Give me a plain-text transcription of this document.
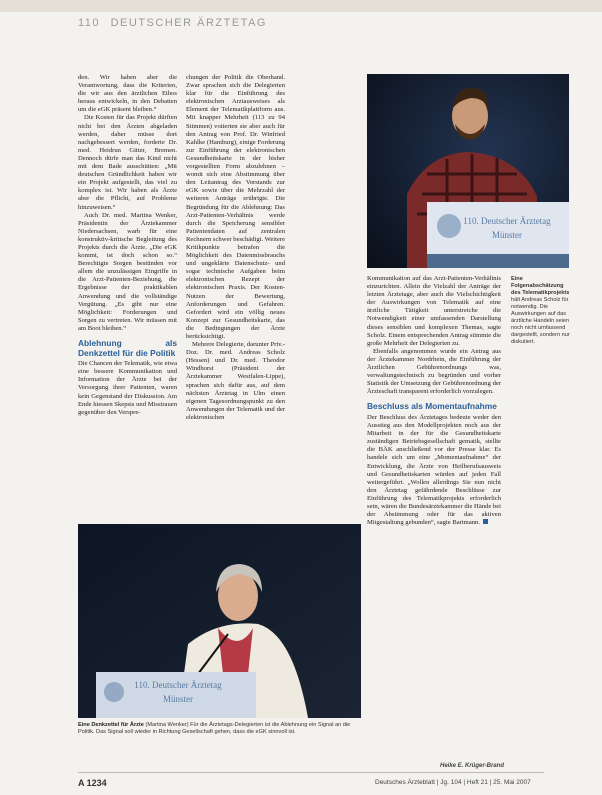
110 DEUTSCHER ÄRZTETAG

den. Wir haben aber die Verantwortung, dass die Kriterien, die wir aus den ärztlichen Ethos heraus entwickeln, in den Debatten um die eGK präsent bleiben.“

Die Kosten für das Projekt dürften nicht bei den Ärzten abgeladen werden, daher müsse dort nachgebessert werden, forderte Dr. med. Heidrun Gitter, Bremen. Dennoch dürfe man das Kind nicht mit dem Bade ausschütten: „Mit deutschen Gründlichkeit haben wir ein Projekt aufgestellt, das viel zu komplex ist. Wir haben als Ärzte aber die Pflicht, auf Probleme hinzuweisen.“

Auch Dr. med. Martina Wenker, Präsidentin der Ärztekammer Niedersachsen, warb für eine konstruktiv-kritische Begleitung des Projekts durch die Ärzte. „Die eGK kommt, ist doch schon so.“ Berechtigte Sorgen bestünden vor allem die unzulässigen Eingriffe in die Arzt-Patienten-Beziehung, die Ergebnisse der praktikablen Anwendung und die vollständige Vergütung. „Es gibt nur eine Möglichkeit: Forderungen und Sorgen zu vertreten. Wir müssen mit am Boot bleiben.“

Ablehnung als Denkzettel für die Politik

Die Chancen der Telematik, wie etwa eine bessere Kommunikation und Information der Ärzte bei der Versorgung ihrer Patienten, waren kein Gegenstand der Diskussion. Am Ende hiessen Skepsis und Misstrauen gegenüber den Verspre-

chungen der Politik die Oberhand. Zwar sprachen sich die Delegierten klar für die Einführung des elektronischen Arztausweises als Element der Telematikplattform aus. Mit knapper Mehrheit (113 zu 94 Stimmen) votierten sie aber auch für den Antrag von Prof. Dr. Winfried Kahlke (Hamburg), einige Forderung zur Einführung der elektronischen Gesundheitskarte in der bisher vorgestellten Form abzulehnen – womit sich eine Abstimmung über den Leitantrag des Vorstands zur eGK sowie über die Mehrzahl der weiteren Anträge erübrigte. Die Begründung für die Ablehnung: Das Arzt-Patienten-Verhältnis werde durch die Speicherung sensibler Patientendaten auf zentralen Rechnern schwer beschädigt. Weitere Kritikpunkte betrafen die Möglichkeit des Datenmissbrauchs und ungeklärte Datenschutz- und sogar technische Aufgaben beim elektronischen Rezept der elektronischen Praxis. Der Kosten-Nutzen der Bewertung, Anforderungen und Gefahren. Gefordert wird ein völlig neues Konzept zur Gesundheitskarte, das die Bedingungen der Ärzte berücksichtigt.

Mehrere Delegierte, darunter Priv.-Doz. Dr. med. Andreas Scholz (Hessen) und Dr. med. Theodor Windhorst (Präsident der Ärztekammer Westfalen-Lippe), sprachen sich dafür aus, auf dem nächsten Ärztetag in Ulm einen eigenen Tagesordnungspunkt zu den Anwendungen der Telematik und der elektronischen

110. Deutscher Ärztetag
Münster
Eine Folgenabschätzung des Telematikprojekts
hält Andreas Scholz für notwendig. Die Auswirkungen auf das ärztliche Handeln seien noch nicht umfassend dargestellt, sondern nur diskutiert.

Kommunikation auf das Arzt-Patienten-Verhältnis einzurichten. Allein die Vielzahl der Anträge der letzten Ärztetage, aber auch die Vielschichtigkeit der Auswirkungen von Telematik auf eine ärztliche Tätigkeit unterstreiche die Notwendigkeit einer umfassenden Darstellung dieses sensiblen und komplexen Themas, sagte Scholz. Einem entsprechenden Antrag stimmte die große Mehrheit der Delegierten zu.

Ebenfalls angenommen wurde ein Antrag aus der Ärztekammer Nordrhein, die Einführung der Ärztlichen Gebührenordnungs was, verwaltungstechnisch zu begründen und vorher Statistik der Umsetzung der Gebührenordnung der Ärzteschaft transparent erforderlich vorzulegen.

Beschluss als Momentaufnahme

Der Beschluss des Ärztetages bedeute weder den Ausstieg aus den Modellprojekten noch aus der Mitarbeit in der für die Gesundheitskarte zuständigen Betriebsgesellschaft gematik, stellte die BÄK anschließend vor der Presse klar. Es handele sich um eine „Momentaufnahme“ der Entwicklung, die Ärzte von Heilberufsausweis und Gesundheitskarten würden auf jeden Fall weitergeführt. „Wollen allerdings Sie nun nicht den Ärztetag gefährdende Beschlüsse zur Einführung des Telematikprojekts erforderlich sein, wären die Bundesärztekammer die Hände bei der Abstimmung oder für das aktiven Mitgestaltung gebunden“, sagte Bartmann.

Heike E. Krüger-Brand
110. Deutscher Ärztetag
Münster
Eine Denkzettel für Ärzte (Martina Wenker) Für die Ärztetags-Delegierten ist die Ablehnung ein Signal an die Politik. Das Signal soll wieder in Richtung Gesellschaft gehen, dass die eGK sinnvoll ist.
A 1234	Deutsches Ärzteblatt | Jg. 104 | Heft 21 | 25. Mai 2007
